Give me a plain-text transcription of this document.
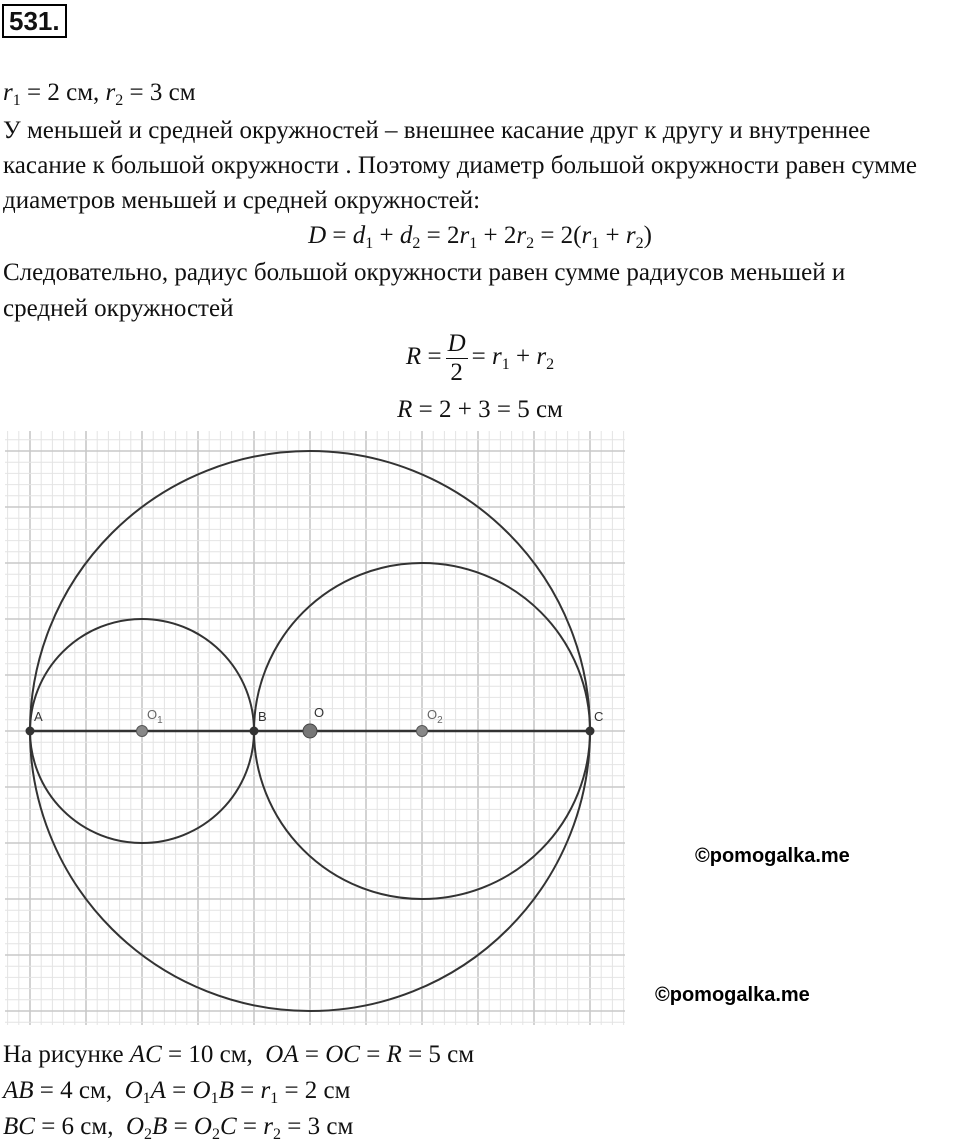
531.
$r_1 = 2$ см, $r_2 = 3$ см
У меньшей и средней окружностей – внешнее касание друг к другу и внутреннее
касание к большой окружности . Поэтому диаметр большой окружности равен сумме
диаметров меньшей и средней окружностей:
$D = d_1 + d_2 = 2r_1 + 2r_2 = 2(r_1 + r_2)$
Следовательно, радиус большой окружности равен сумме радиусов меньшей и
средней окружностей
$R = \frac{D}{2} = r_1 + r_2$
R = 2 + 3 = 5 см
A	$O_1$	B	O	$O_2$	C
©pomogalka.me
©pomogalka.me
На рисунке AC = 10 см,  OA = OC = R = 5 см
AB = 4 см,  $O_1A = O_1B = r_1 = 2$ см
BC = 6 см,  $O_2B = O_2C = r_2 = 3$ см
